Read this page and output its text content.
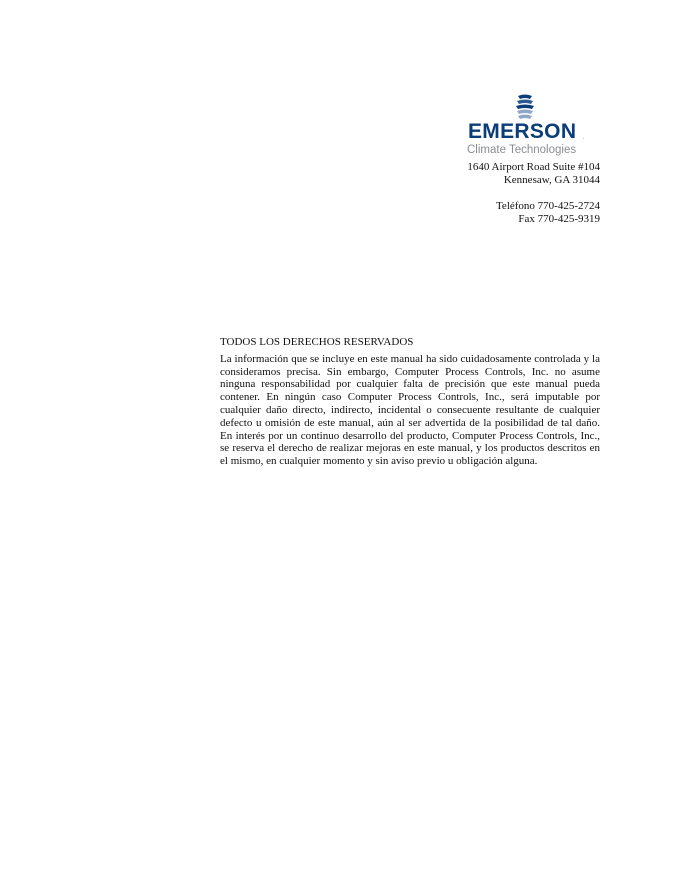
EMERSON .
Climate Technologies
1640 Airport Road Suite #104
Kennesaw, GA 31044
Teléfono 770-425-2724
Fax 770-425-9319
TODOS LOS DERECHOS RESERVADOS

La información que se incluye en este manual ha sido cuidadosamente controlada y la consideramos precisa. Sin embargo, Computer Process Controls, Inc. no asume ninguna responsabilidad por cualquier falta de precisión que este manual pueda contener. En ningún caso Computer Process Controls, Inc., será imputable por cualquier daño directo, indirecto, incidental o consecuente resultante de cualquier defecto u omisión de este manual, aún al ser advertida de la posibilidad de tal daño. En interés por un continuo desarrollo del producto, Computer Process Controls, Inc., se reserva el derecho de realizar mejoras en este manual, y los productos descritos en el mismo, en cualquier momento y sin aviso previo u obligación alguna.
